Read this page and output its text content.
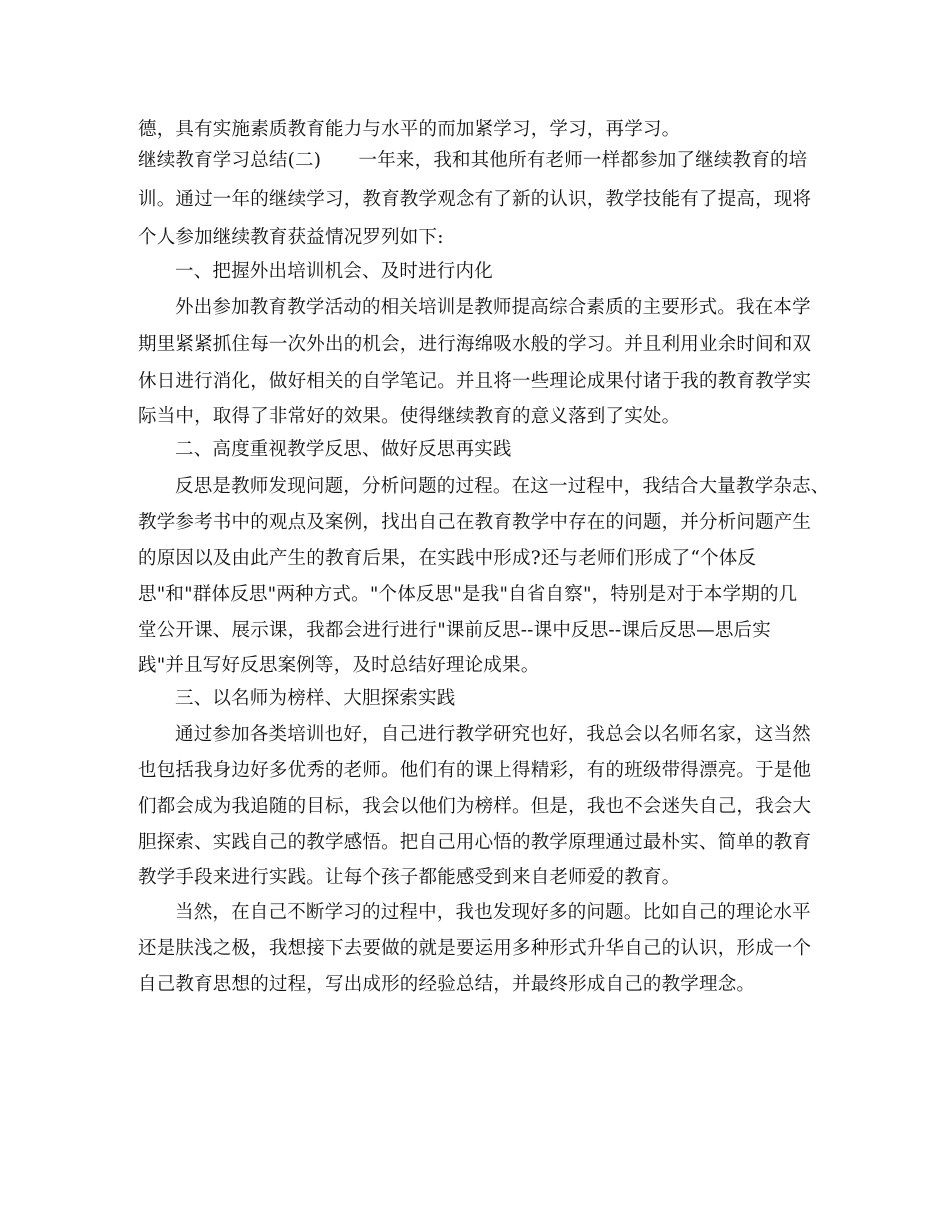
德，具有实施素质教育能力与水平的而加紧学习，学习，再学习。
继续教育学习总结(二)　　一年来，我和其他所有老师一样都参加了继续教育的培
训。通过一年的继续学习，教育教学观念有了新的认识，教学技能有了提高，现将
个人参加继续教育获益情况罗列如下:
一、把握外出培训机会、及时进行内化
外出参加教育教学活动的相关培训是教师提高综合素质的主要形式。我在本学
期里紧紧抓住每一次外出的机会，进行海绵吸水般的学习。并且利用业余时间和双
休日进行消化，做好相关的自学笔记。并且将一些理论成果付诸于我的教育教学实
际当中，取得了非常好的效果。使得继续教育的意义落到了实处。
二、高度重视教学反思、做好反思再实践
反思是教师发现问题，分析问题的过程。在这一过程中，我结合大量教学杂志、
教学参考书中的观点及案例，找出自己在教育教学中存在的问题，并分析问题产生
的原因以及由此产生的教育后果，在实践中形成?还与老师们形成了“个体反
思"和"群体反思"两种方式。"个体反思"是我"自省自察"，特别是对于本学期的几
堂公开课、展示课，我都会进行进行"课前反思--课中反思--课后反思—思后实
践"并且写好反思案例等，及时总结好理论成果。
三、以名师为榜样、大胆探索实践
通过参加各类培训也好，自己进行教学研究也好，我总会以名师名家，这当然
也包括我身边好多优秀的老师。他们有的课上得精彩，有的班级带得漂亮。于是他
们都会成为我追随的目标，我会以他们为榜样。但是，我也不会迷失自己，我会大
胆探索、实践自己的教学感悟。把自己用心悟的教学原理通过最朴实、简单的教育
教学手段来进行实践。让每个孩子都能感受到来自老师爱的教育。
当然，在自己不断学习的过程中，我也发现好多的问题。比如自己的理论水平
还是肤浅之极，我想接下去要做的就是要运用多种形式升华自己的认识，形成一个
自己教育思想的过程，写出成形的经验总结，并最终形成自己的教学理念。
